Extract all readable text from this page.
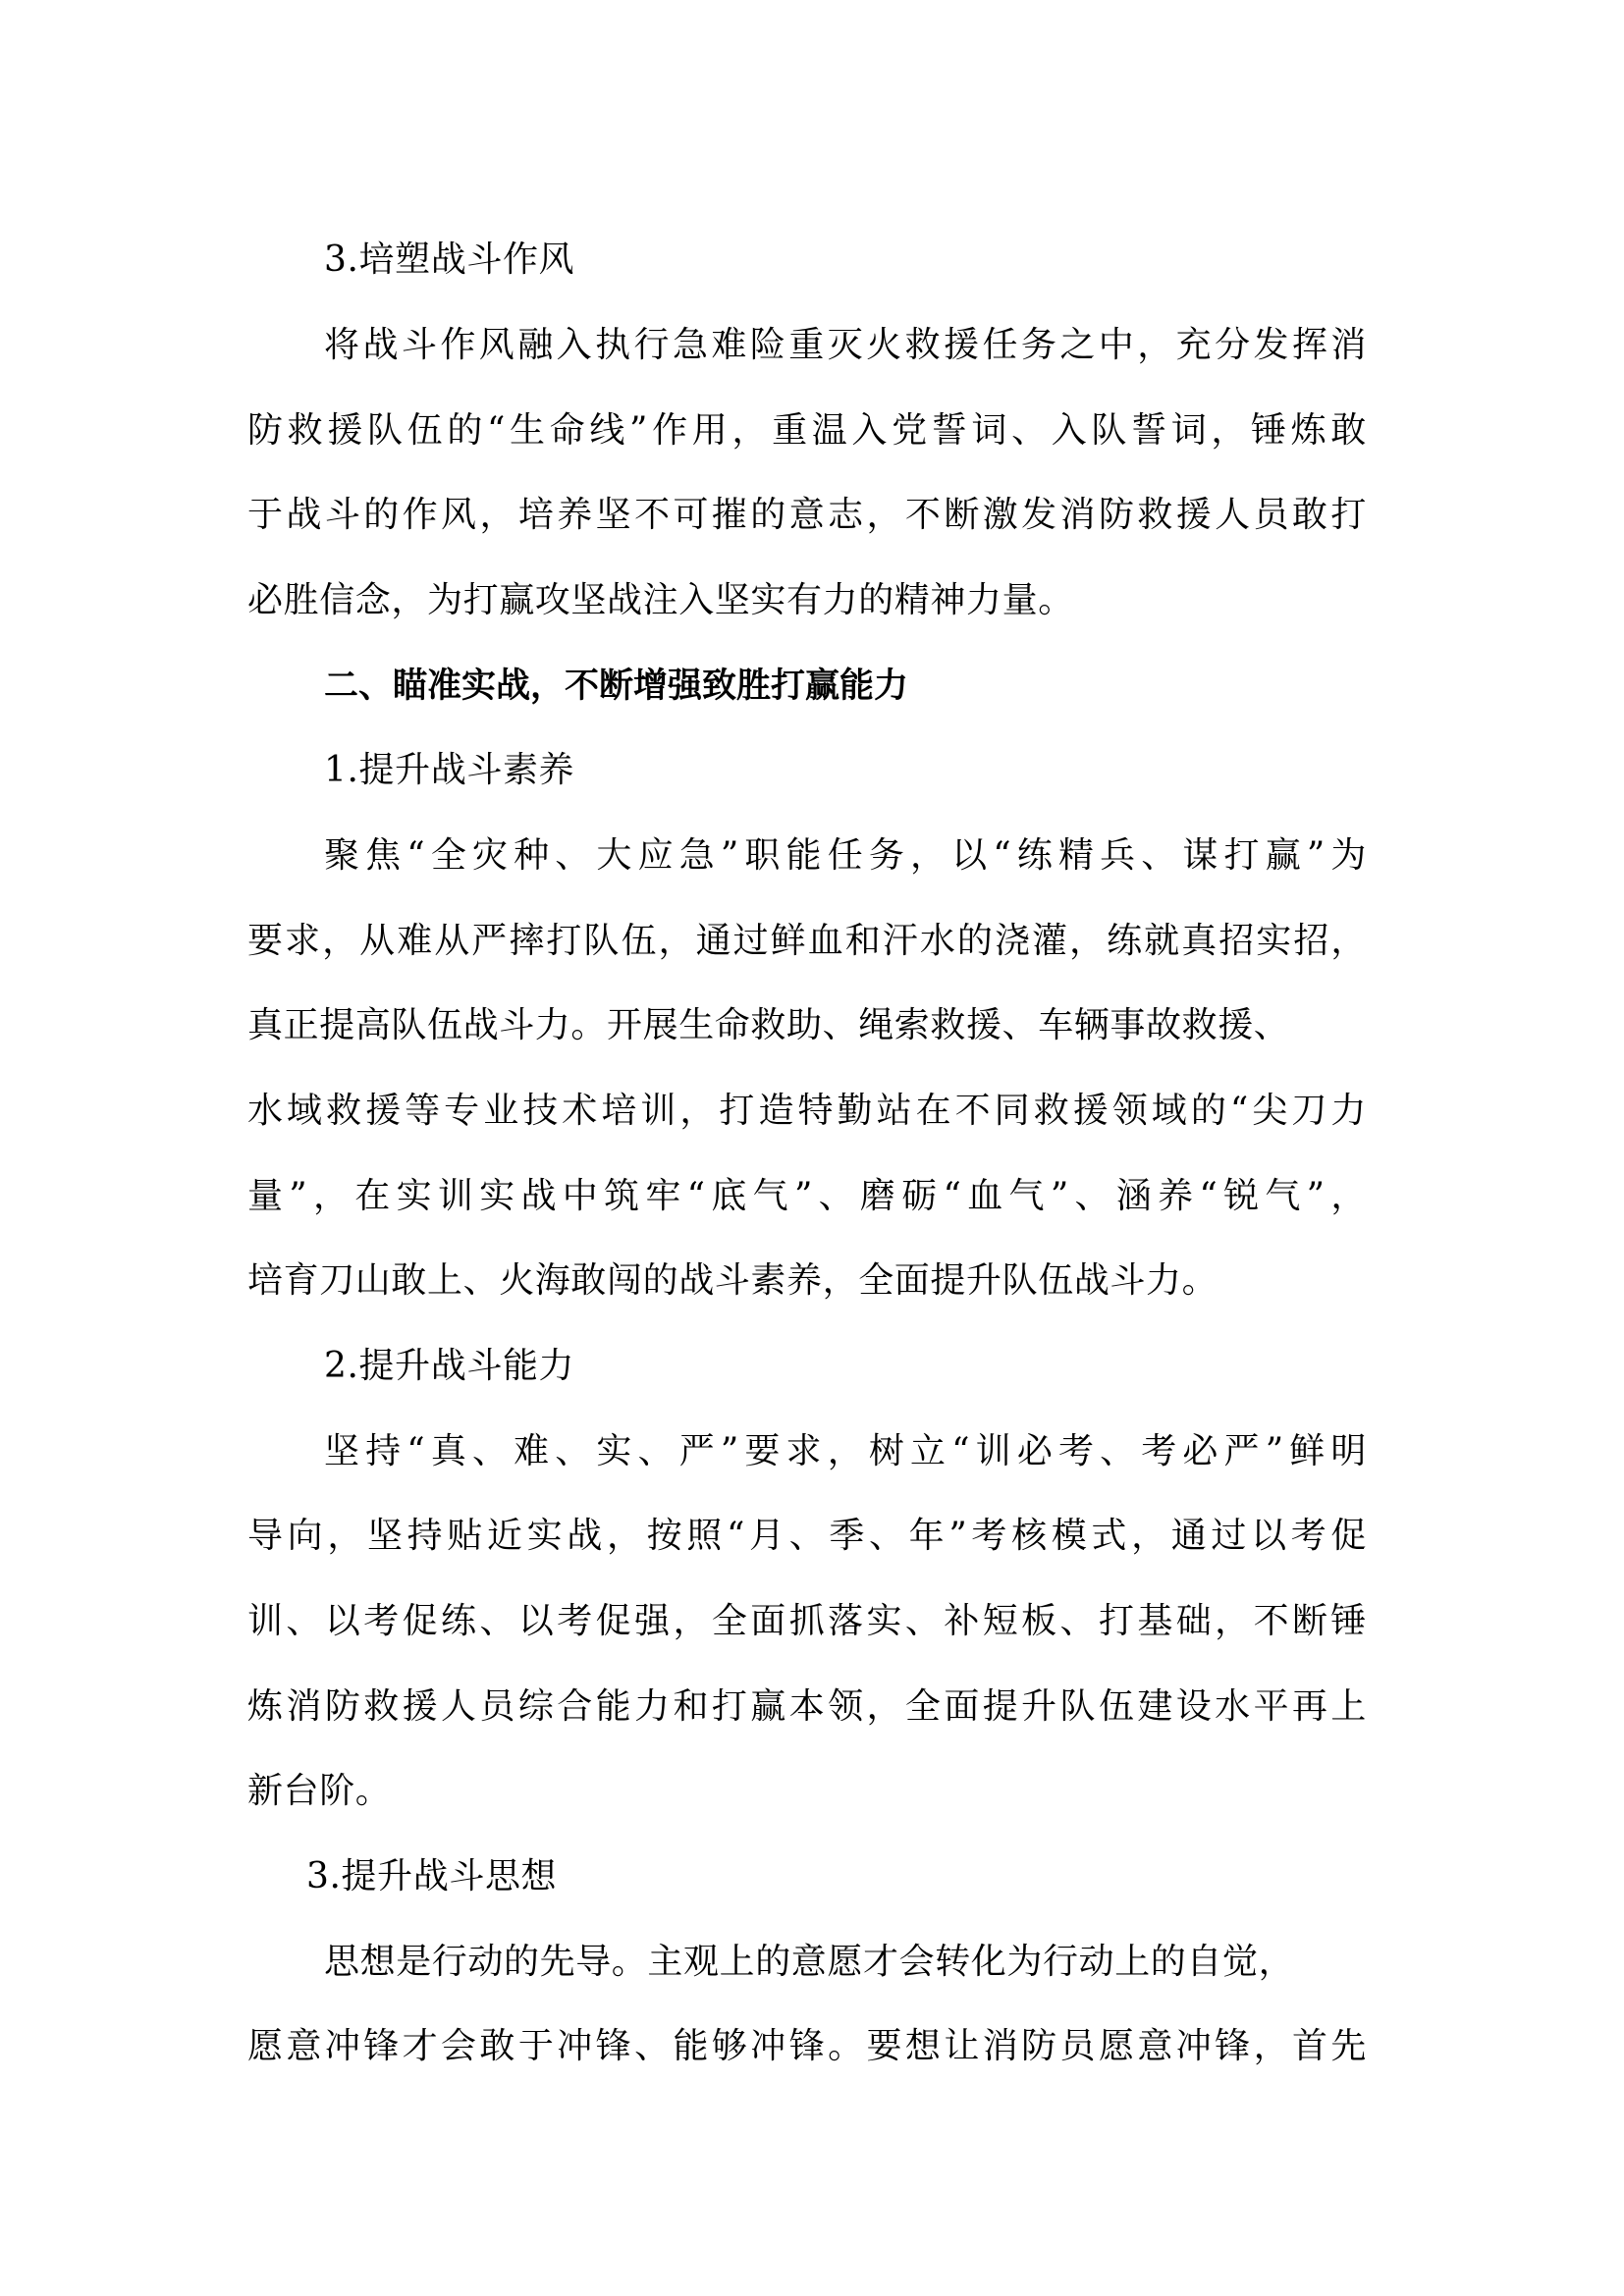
3.培塑战斗作风
将战斗作风融入执行急难险重灭火救援任务之中，充分发挥消
防救援队伍的“生命线”作用，重温入党誓词、入队誓词，锤炼敢
于战斗的作风，培养坚不可摧的意志，不断激发消防救援人员敢打
必胜信念，为打赢攻坚战注入坚实有力的精神力量。
二、瞄准实战，不断增强致胜打赢能力
1.提升战斗素养
聚焦“全灾种、大应急”职能任务，以“练精兵、谋打赢”为
要求，从难从严摔打队伍，通过鲜血和汗水的浇灌，练就真招实招，
真正提高队伍战斗力。开展生命救助、绳索救援、车辆事故救援、
水域救援等专业技术培训，打造特勤站在不同救援领域的“尖刀力
量”，在实训实战中筑牢“底气”、磨砺“血气”、涵养“锐气”，
培育刀山敢上、火海敢闯的战斗素养，全面提升队伍战斗力。
2.提升战斗能力
坚持“真、难、实、严”要求，树立“训必考、考必严”鲜明
导向，坚持贴近实战，按照“月、季、年”考核模式，通过以考促
训、以考促练、以考促强，全面抓落实、补短板、打基础，不断锤
炼消防救援人员综合能力和打赢本领，全面提升队伍建设水平再上
新台阶。
3.提升战斗思想
思想是行动的先导。主观上的意愿才会转化为行动上的自觉，
愿意冲锋才会敢于冲锋、能够冲锋。要想让消防员愿意冲锋，首先
